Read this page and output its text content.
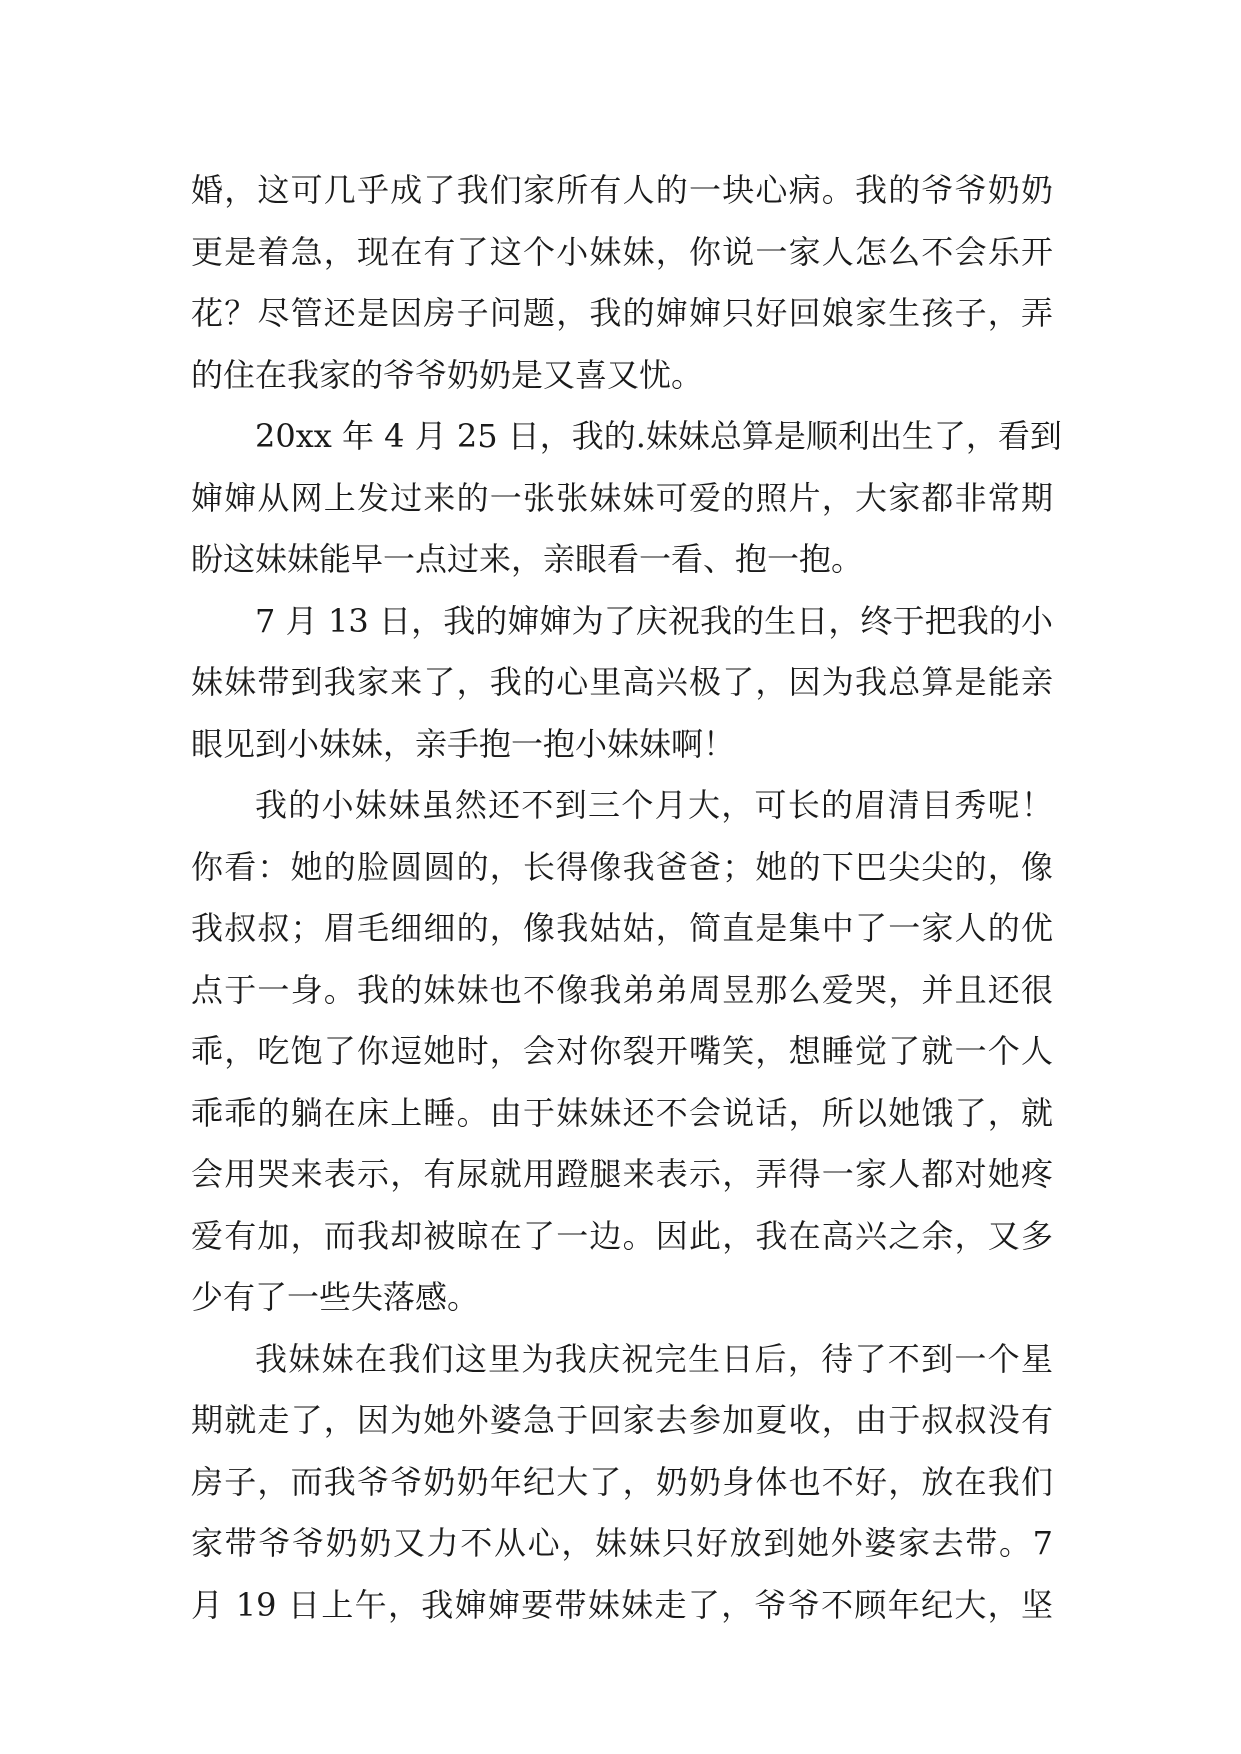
婚，这可几乎成了我们家所有人的一块心病。我的爷爷奶奶
更是着急，现在有了这个小妹妹，你说一家人怎么不会乐开
花？尽管还是因房子问题，我的婶婶只好回娘家生孩子，弄
的住在我家的爷爷奶奶是又喜又忧。
20xx 年 4 月 25 日，我的.妹妹总算是顺利出生了，看到
婶婶从网上发过来的一张张妹妹可爱的照片，大家都非常期
盼这妹妹能早一点过来，亲眼看一看、抱一抱。
7 月 13 日，我的婶婶为了庆祝我的生日，终于把我的小
妹妹带到我家来了，我的心里高兴极了，因为我总算是能亲
眼见到小妹妹，亲手抱一抱小妹妹啊！
我的小妹妹虽然还不到三个月大，可长的眉清目秀呢！
你看：她的脸圆圆的，长得像我爸爸；她的下巴尖尖的，像
我叔叔；眉毛细细的，像我姑姑，简直是集中了一家人的优
点于一身。我的妹妹也不像我弟弟周昱那么爱哭，并且还很
乖，吃饱了你逗她时，会对你裂开嘴笑，想睡觉了就一个人
乖乖的躺在床上睡。由于妹妹还不会说话，所以她饿了，就
会用哭来表示，有尿就用蹬腿来表示，弄得一家人都对她疼
爱有加，而我却被晾在了一边。因此，我在高兴之余，又多
少有了一些失落感。
我妹妹在我们这里为我庆祝完生日后，待了不到一个星
期就走了，因为她外婆急于回家去参加夏收，由于叔叔没有
房子，而我爷爷奶奶年纪大了，奶奶身体也不好，放在我们
家带爷爷奶奶又力不从心，妹妹只好放到她外婆家去带。7
月 19 日上午，我婶婶要带妹妹走了，爷爷不顾年纪大，坚
